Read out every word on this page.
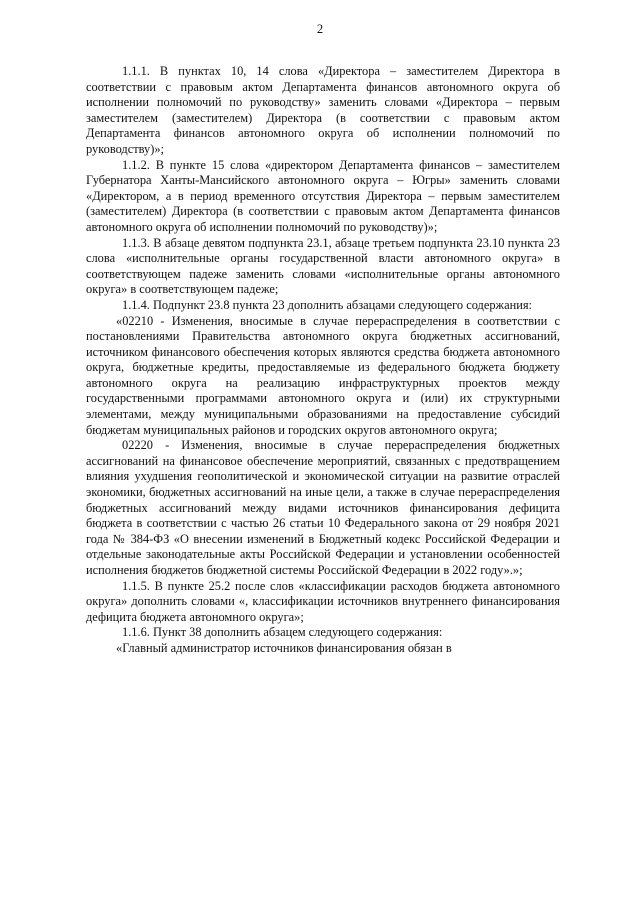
2

1.1.1. В пунктах 10, 14 слова «Директора – заместителем Директора в соответствии с правовым актом Департамента финансов автономного округа об исполнении полномочий по руководству» заменить словами «Директора – первым заместителем (заместителем) Директора (в соответствии с правовым актом Департамента финансов автономного округа об исполнении полномочий по руководству)»;

1.1.2. В пункте 15 слова «директором Департамента финансов – заместителем Губернатора Ханты-Мансийского автономного округа – Югры» заменить словами «Директором, а в период временного отсутствия Директора – первым заместителем (заместителем) Директора (в соответствии с правовым актом Департамента финансов автономного округа об исполнении полномочий по руководству)»;

1.1.3. В абзаце девятом подпункта 23.1, абзаце третьем подпункта 23.10 пункта 23 слова «исполнительные органы государственной власти автономного округа» в соответствующем падеже заменить словами «исполнительные органы автономного округа» в соответствующем падеже;

1.1.4. Подпункт 23.8 пункта 23 дополнить абзацами следующего содержания:

«02210 - Изменения, вносимые в случае перераспределения в соответствии с постановлениями Правительства автономного округа бюджетных ассигнований, источником финансового обеспечения которых являются средства бюджета автономного округа, бюджетные кредиты, предоставляемые из федерального бюджета бюджету автономного округа на реализацию инфраструктурных проектов между государственными программами автономного округа и (или) их структурными элементами, между муниципальными образованиями на предоставление субсидий бюджетам муниципальных районов и городских округов автономного округа;

02220 - Изменения, вносимые в случае перераспределения бюджетных ассигнований на финансовое обеспечение мероприятий, связанных с предотвращением влияния ухудшения геополитической и экономической ситуации на развитие отраслей экономики, бюджетных ассигнований на иные цели, а также в случае перераспределения бюджетных ассигнований между видами источников финансирования дефицита бюджета в соответствии с частью 26 статьи 10 Федерального закона от 29 ноября 2021 года № 384-ФЗ «О внесении изменений в Бюджетный кодекс Российской Федерации и отдельные законодательные акты Российской Федерации и установлении особенностей исполнения бюджетов бюджетной системы Российской Федерации в 2022 году».»;

1.1.5. В пункте 25.2 после слов «классификации расходов бюджета автономного округа» дополнить словами «, классификации источников внутреннего финансирования дефицита бюджета автономного округа»;

1.1.6. Пункт 38 дополнить абзацем следующего содержания:

«Главный администратор источников финансирования обязан в
